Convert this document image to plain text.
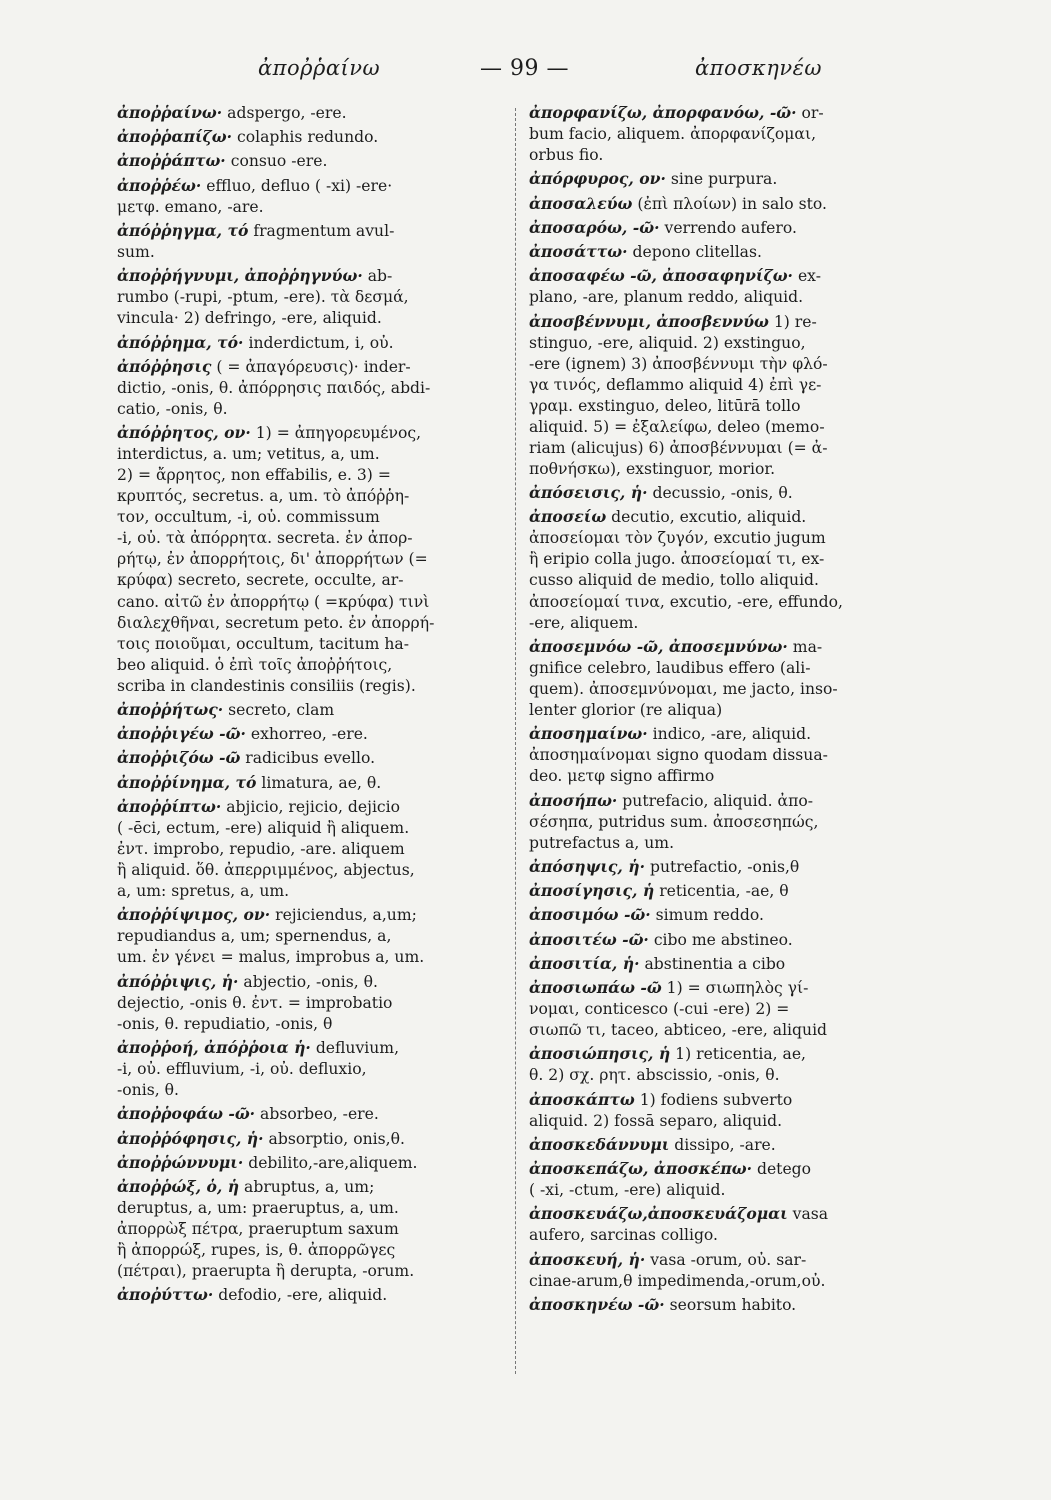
ἀποῤῥαίνω	— 99 —	ἀποσκηνέω
ἀποῤῥαίνω· adspergo, -ere.
ἀποῤῥαπίζω· colaphis redundo.
ἀποῤῥάπτω· consuo -ere.
ἀποῤῥέω· effluo, defluo ( -xi) -ere·
μετφ. emano, -are.
ἀπόῤῥηγμα, τό fragmentum avul-
sum.
ἀποῤῥήγνυμι, ἀποῤῥηγνύω· ab-
rumbo (-rupi, -ptum, -ere). τὰ δεσμά,
vincula· 2) defringo, -ere, aliquid.
ἀπόῤῥημα, τό· inderdictum, i, οὐ.
ἀπόῤῥησις ( = ἀπαγόρευσις)· inder-
dictio, -onis, θ. ἀπόρρησις παιδός, abdi-
catio, -onis, θ.
ἀπόῤῥητος, ον· 1) = ἀπηγορευμένος,
interdictus, a. um; vetitus, a, um.
2) = ἄρρητος, non effabilis, e. 3) =
κρυπτός, secretus. a, um. τὸ ἀπόῤῥη-
τον, occultum, -i, οὐ. commissum
-i, οὐ. τὰ ἀπόρρητα. secreta. ἐν ἀπορ-
ρήτῳ, ἐν ἀπορρήτοις, δι' ἀπορρήτων (=
κρύφα) secreto, secrete, occulte, ar-
cano. αἰτῶ ἐν ἀπορρήτῳ ( =κρύφα) τινὶ
διαλεχθῆναι, secretum peto. ἐν ἀπορρή-
τοις ποιοῦμαι, occultum, tacitum ha-
beo aliquid. ὁ ἐπὶ τοῖς ἀποῤῥήτοις,
scriba in clandestinis consiliis (regis).
ἀποῤῥήτως· secreto, clam
ἀποῤῥιγέω -ῶ· exhorreo, -ere.
ἀποῤῥιζόω -ῶ radicibus evello.
ἀποῤῥίνημα, τό limatura, ae, θ.
ἀποῤῥίπτω· abjicio, rejicio, dejicio
( -ēci, ectum, -ere) aliquid ἢ aliquem.
ἐντ. improbo, repudio, -are. aliquem
ἢ aliquid. ὅθ. ἀπερριμμένος, abjectus,
a, um: spretus, a, um.
ἀποῤῥίψιμος, ον· rejiciendus, a,um;
repudiandus a, um; spernendus, a,
um. ἐν γένει = malus, improbus a, um.
ἀπόῤῥιψις, ἡ· abjectio, -onis, θ.
dejectio, -onis θ. ἐντ. = improbatio
-onis, θ. repudiatio, -onis, θ
ἀποῤῥοή, ἀπόῤῥοια ἡ· defluvium,
-i, οὐ. effluvium, -i, οὐ. defluxio,
-onis, θ.
ἀποῤῥοφάω -ῶ· absorbeo, -ere.
ἀποῤῥόφησις, ἡ· absorptio, onis,θ.
ἀποῤῥώννυμι· debilito,-are,aliquem.
ἀποῤῥώξ, ὁ, ἡ abruptus, a, um;
deruptus, a, um: praeruptus, a, um.
ἀπορρὼξ πέτρα, praeruptum saxum
ἢ ἀπορρώξ, rupes, is, θ. ἀπορρῶγες
(πέτραι), praerupta ἢ derupta, -orum.
ἀποῤύττω· defodio, -ere, aliquid.
ἀπορφανίζω, ἀπορφανόω, -ῶ· or-
bum facio, aliquem. ἀπορφανίζομαι,
orbus fio.
ἀπόρφυρος, ον· sine purpura.
ἀποσαλεύω (ἐπὶ πλοίων) in salo sto.
ἀποσαρόω, -ῶ· verrendo aufero.
ἀποσάττω· depono clitellas.
ἀποσαφέω -ῶ, ἀποσαφηνίζω· ex-
plano, -are, planum reddo, aliquid.
ἀποσβέννυμι, ἀποσβεννύω 1) re-
stinguo, -ere, aliquid. 2) exstinguo,
-ere (ignem) 3) ἀποσβέννυμι τὴν φλό-
γα τινός, deflammo aliquid 4) ἐπὶ γε-
γραμ. exstinguo, deleo, litūrā tollo
aliquid. 5) = ἐξαλείφω, deleo (memo-
riam (alicujus) 6) ἀποσβέννυμαι (= ἀ-
ποθνήσκω), exstinguor, morior.
ἀπόσεισις, ἡ· decussio, -onis, θ.
ἀποσείω decutio, excutio, aliquid.
ἀποσείομαι τὸν ζυγόν, excutio jugum
ἢ eripio colla jugo. ἀποσείομαί τι, ex-
cusso aliquid de medio, tollo aliquid.
ἀποσείομαί τινα, excutio, -ere, effundo,
-ere, aliquem.
ἀποσεμνόω -ῶ, ἀποσεμνύνω· ma-
gnifice celebro, laudibus effero (ali-
quem). ἀποσεμνύνομαι, me jacto, inso-
lenter glorior (re aliqua)
ἀποσημαίνω· indico, -are, aliquid.
ἀποσημαίνομαι signo quodam dissua-
deo. μετφ signo affirmo
ἀποσήπω· putrefacio, aliquid. ἀπο-
σέσηπα, putridus sum. ἀποσεσηπώς,
putrefactus a, um.
ἀπόσηψις, ἡ· putrefactio, -onis,θ
ἀποσίγησις, ἡ reticentia, -ae, θ
ἀποσιμόω -ῶ· simum reddo.
ἀποσιτέω -ῶ· cibo me abstineo.
ἀποσιτία, ἡ· abstinentia a cibo
ἀποσιωπάω -ῶ 1) = σιωπηλὸς γί-
νομαι, conticesco (-cui -ere) 2) =
σιωπῶ τι, taceo, abticeo, -ere, aliquid
ἀποσιώπησις, ἡ 1) reticentia, ae,
θ. 2) σχ. ρητ. abscissio, -onis, θ.
ἀποσκάπτω 1) fodiens subverto
aliquid. 2) fossā separo, aliquid.
ἀποσκεδάννυμι dissipo, -are.
ἀποσκεπάζω, ἀποσκέπω· detego
( -xi, -ctum, -ere) aliquid.
ἀποσκευάζω,ἀποσκευάζομαι vasa
aufero, sarcinas colligo.
ἀποσκευή, ἡ· vasa -orum, οὐ. sar-
cinae-arum,θ impedimenda,-orum,οὐ.
ἀποσκηνέω -ῶ· seorsum habito.
